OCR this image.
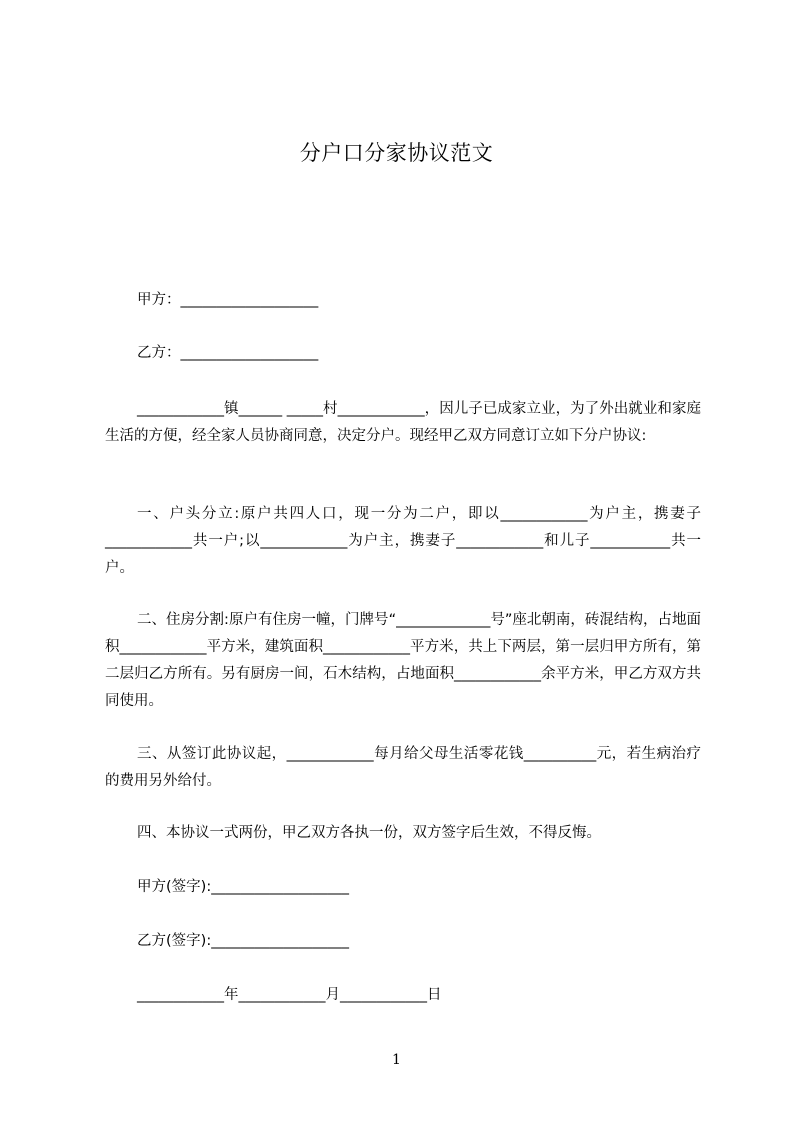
分户口分家协议范文
甲方：___________________
乙方：___________________

____________镇______ _____村____________，因儿子已成家立业，为了外出就业和家庭生活的方便，经全家人员协商同意，决定分户。现经甲乙双方同意订立如下分户协议:

一、户头分立:原户共四人口，现一分为二户，即以____________为户主，携妻子____________共一户;以____________为户主，携妻子____________和儿子___________共一户。

二、住房分割:原户有住房一幢，门牌号“_____________号”座北朝南，砖混结构，占地面积____________平方米，建筑面积____________平方米，共上下两层，第一层归甲方所有，第二层归乙方所有。另有厨房一间，石木结构，占地面积____________余平方米，甲乙方双方共同使用。

三、从签订此协议起，____________每月给父母生活零花钱__________元，若生病治疗的费用另外给付。

四、本协议一式两份，甲乙双方各执一份，双方签字后生效，不得反悔。

甲方(签字):___________________
乙方(签字):___________________
____________年____________月____________日
1
